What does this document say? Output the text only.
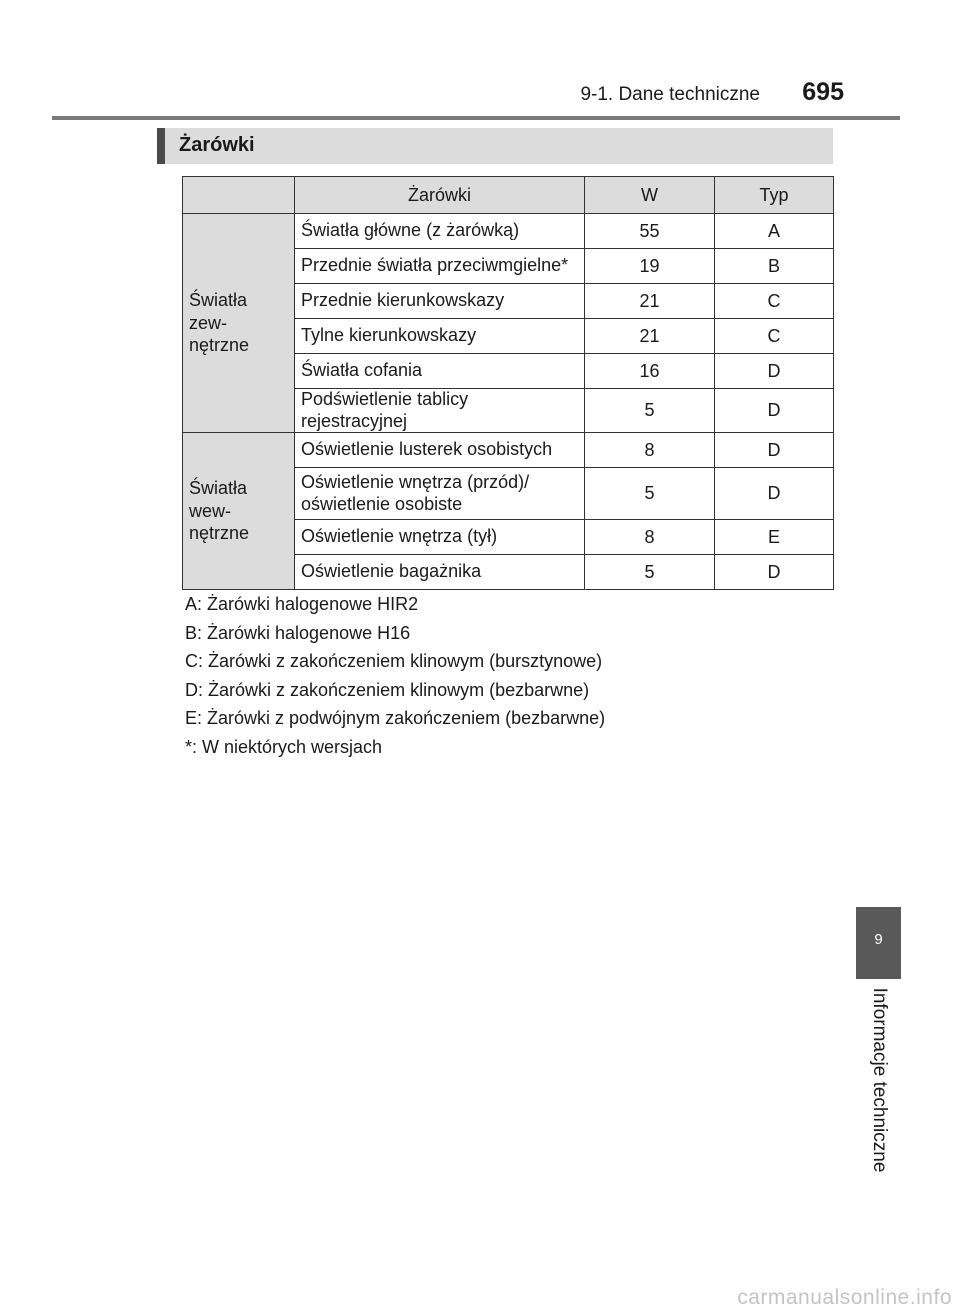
9-1. Dane techniczne 695
Żarówki
	Żarówki	W	Typ

Światła
zew-
nętrzne	Światła główne (z żarówką)	55	A
	Przednie światła przeciwmgielne*	19	B
	Przednie kierunkowskazy	21	C
	Tylne kierunkowskazy	21	C
	Światła cofania	16	D
	Podświetlenie tablicy rejestracyjnej	5	D

Światła
wew-
nętrzne	Oświetlenie lusterek osobistych	8	D

	Oświetlenie wnętrza (przód)/
oświetlenie osobiste	5	D
	Oświetlenie wnętrza (tył)	8	E
	Oświetlenie bagażnika	5	D
A: Żarówki halogenowe HIR2
B: Żarówki halogenowe H16
C: Żarówki z zakończeniem klinowym (bursztynowe)
D: Żarówki z zakończeniem klinowym (bezbarwne)
E: Żarówki z podwójnym zakończeniem (bezbarwne)
*: W niektórych wersjach
9
Informacje techniczne
carmanualsonline.info
